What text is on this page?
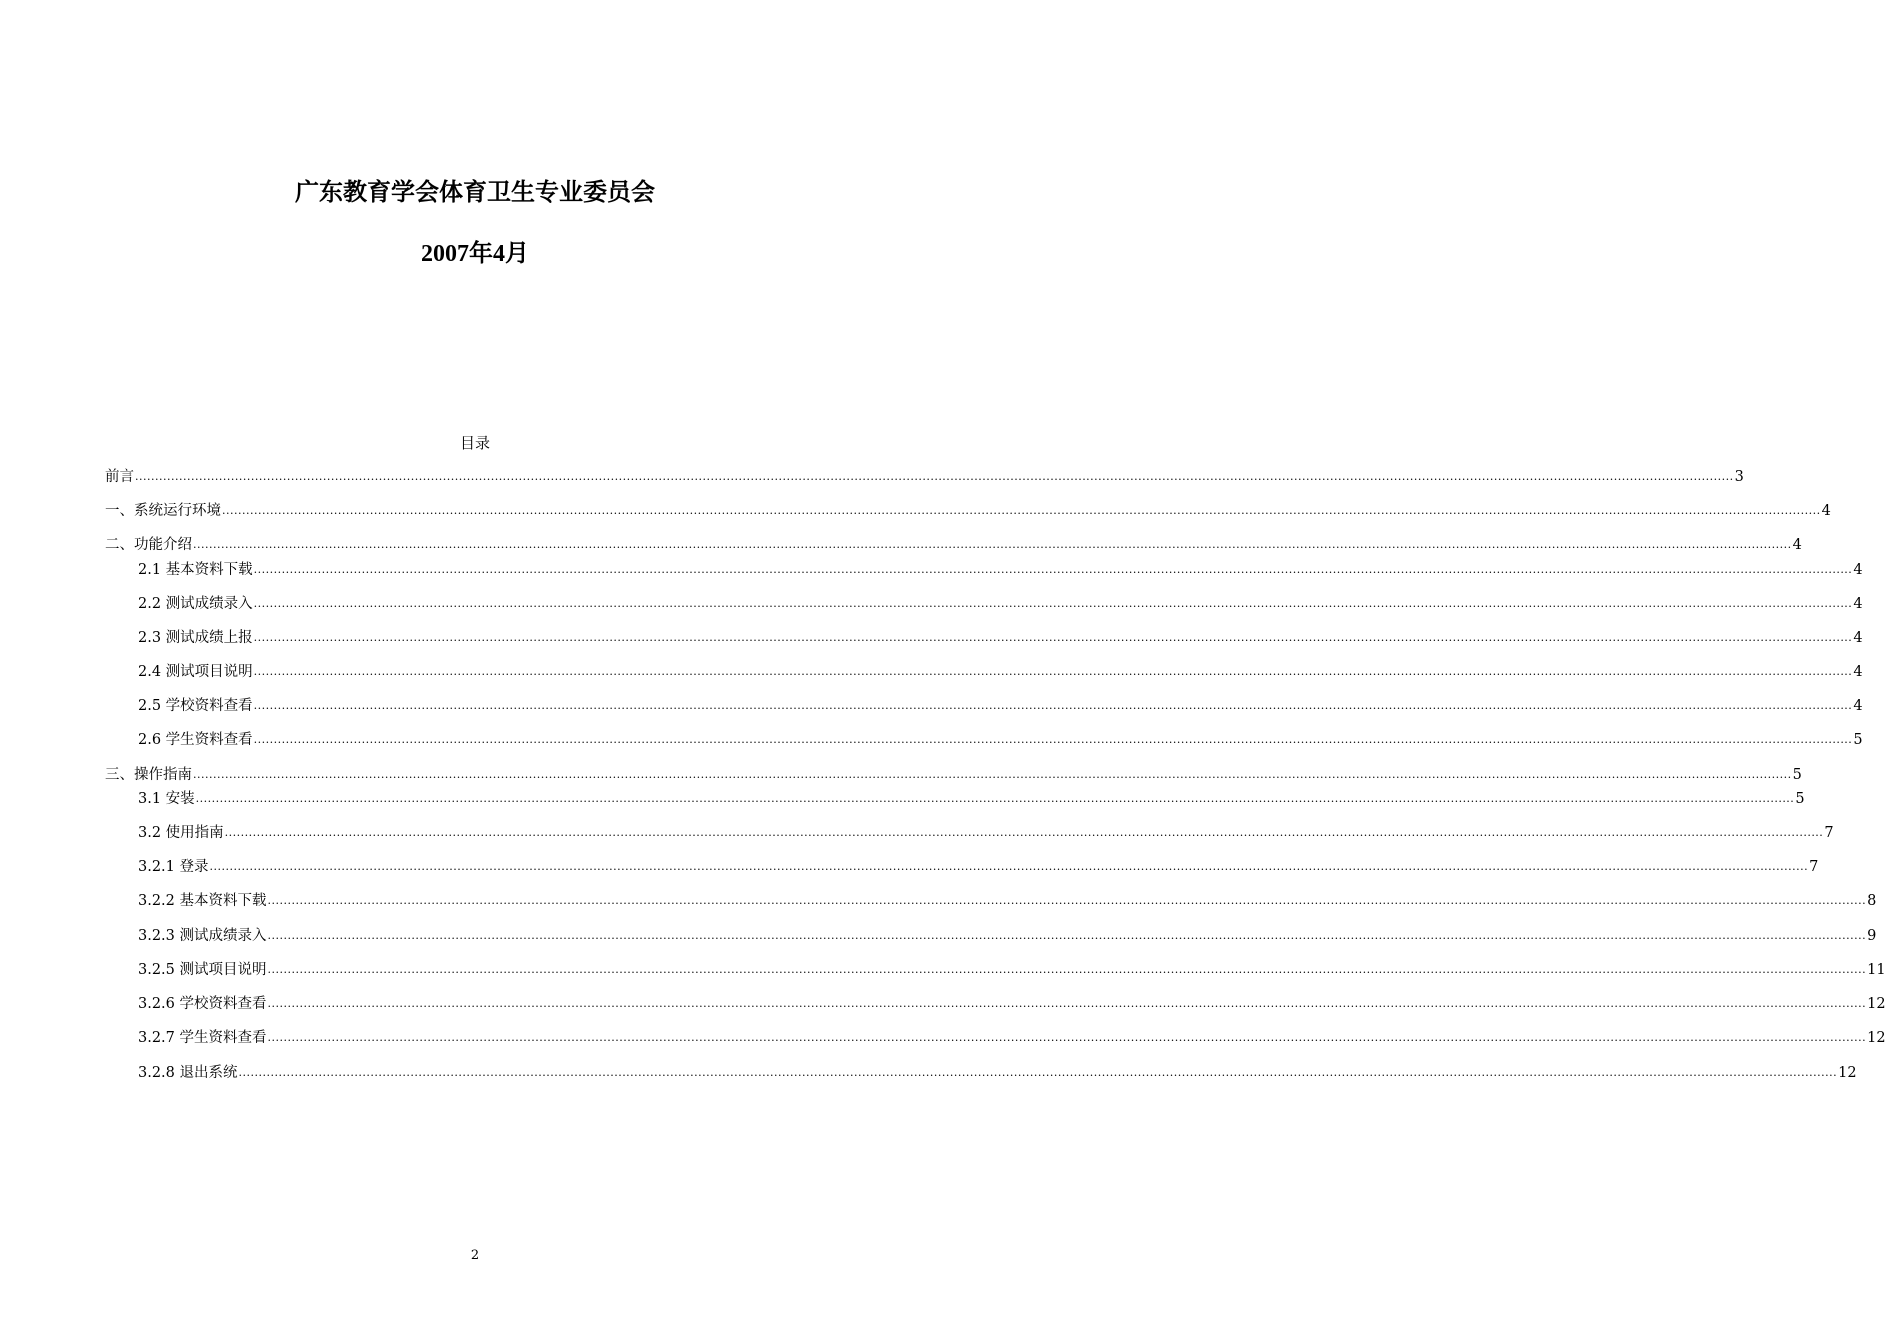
广东教育学会体育卫生专业委员会
2007年4月
目录
前言 ................................................................................................................................................................................................................................................................................................................................................................................................................ 3
一、系统运行环境 ................................................................................................................................................................................................................................................................................................................................................................................................................ 4
二、功能介绍 ................................................................................................................................................................................................................................................................................................................................................................................................................ 4
2.1 基本资料下载 ................................................................................................................................................................................................................................................................................................................................................................................................................ 4
2.2 测试成绩录入 ................................................................................................................................................................................................................................................................................................................................................................................................................ 4
2.3 测试成绩上报 ................................................................................................................................................................................................................................................................................................................................................................................................................ 4
2.4 测试项目说明 ................................................................................................................................................................................................................................................................................................................................................................................................................ 4
2.5 学校资料查看 ................................................................................................................................................................................................................................................................................................................................................................................................................ 4
2.6 学生资料查看 ................................................................................................................................................................................................................................................................................................................................................................................................................ 5
三、操作指南 ................................................................................................................................................................................................................................................................................................................................................................................................................ 5
3.1 安装 ................................................................................................................................................................................................................................................................................................................................................................................................................ 5
3.2 使用指南 ................................................................................................................................................................................................................................................................................................................................................................................................................ 7
3.2.1 登录 ................................................................................................................................................................................................................................................................................................................................................................................................................ 7
3.2.2 基本资料下载 ................................................................................................................................................................................................................................................................................................................................................................................................................ 8
3.2.3 测试成绩录入 ................................................................................................................................................................................................................................................................................................................................................................................................................ 9
3.2.5 测试项目说明 ................................................................................................................................................................................................................................................................................................................................................................................................................ 11
3.2.6 学校资料查看 ................................................................................................................................................................................................................................................................................................................................................................................................................ 12
3.2.7 学生资料查看 ................................................................................................................................................................................................................................................................................................................................................................................................................ 12
3.2.8 退出系统 ................................................................................................................................................................................................................................................................................................................................................................................................................ 12
2
